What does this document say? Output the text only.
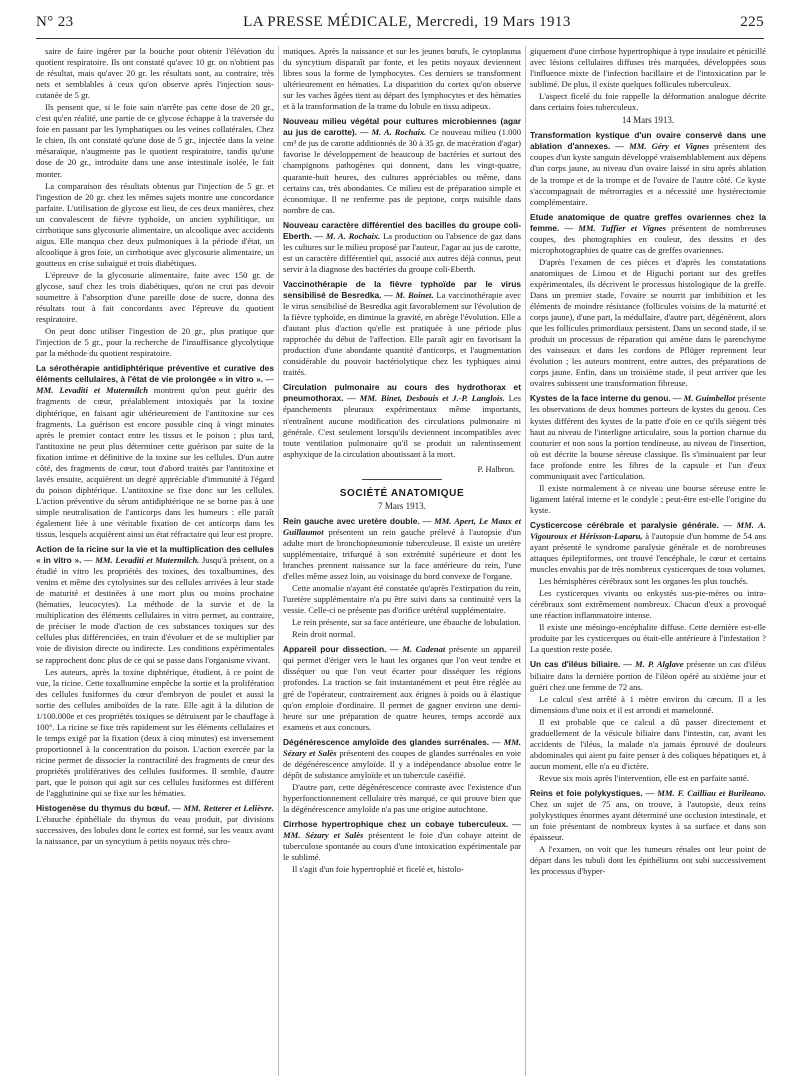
N° 23	LA PRESSE MÉDICALE, Mercredi, 19 Mars 1913	225

saire de faire ingérer par la bouche pour obtenir l'élévation du quotient respiratoire. Ils ont constaté qu'avec 10 gr. on n'obtient pas de résultat, mais qu'avec 20 gr. les résultats sont, au contraire, très nets et semblables à ceux qu'on observe après l'injection sous-cutanée de 5 gr.

Ils pensent que, si le foie sain n'arrête pas cette dose de 20 gr., c'est qu'en réalité, une partie de ce glycose échappe à la traversée du foie en passant par les lymphatiques ou les veines collatérales. Chez le chien, ils ont constaté qu'une dose de 5 gr., injectée dans la veine mésaraïque, n'augmente pas le quotient respiratoire, tandis qu'une dose de 20 gr., introduite dans une anse intestinale isolée, le fait monter.

La comparaison des résultats obtenus par l'injection de 5 gr. et l'ingestion de 20 gr. chez les mêmes sujets montre une concordance parfaite. L'utilisation de glycose est lieu, de ces deux manières, chez un convalescent de fièvre typhoïde, un ancien syphilitique, un cirrhotique sans glycosurie alimentaire, un alcoolique avec accidents aigus. Elle manqua chez deux pulmoniques à la période d'état, un alcoolique à gros foie, un cirrhotique avec glycosurie alimentaire, un goutteux en crise subaiguë et trois diabétiques.

L'épreuve de la glycosurie alimentaire, faite avec 150 gr. de glycose, sauf chez les trois diabétiques, qu'on ne crut pas devoir soumettre à l'absorption d'une pareille dose de sucre, donna des résultats tout à fait concordants avec l'épreuve du quotient respiratoire.

On peut donc utiliser l'ingestion de 20 gr., plus pratique que l'injection de 5 gr., pour la recherche de l'insuffisance glycolytique par la méthode du quotient respiratoire.

La sérothérapie antidiphtérique préventive et curative des éléments cellulaires, à l'état de vie prolongée « in vitro ». — MM. Levaditi et Mutermilch montrent qu'on peut guérir des fragments de cœur, préalablement intoxiqués par la toxine diphtérique, en faisant agir ultérieurement de l'antitoxine sur ces fragments. La guérison est encore possible cinq à vingt minutes après le premier contact entre les tissus et le poison ; plus tard, l'antitoxine ne peut plus déterminer cette guérison par suite de la fixation intime et définitive de la toxine sur les cellules. D'un autre côté, des fragments de cœur, tout d'abord traités par l'antitoxine et lavés ensuite, acquièrent un degré appréciable d'immunité à l'égard du poison diphtérique. L'antitoxine se fixe donc sur les cellules. L'action préventive du sérum antidiphtérique ne se borne pas à une simple neutralisation de l'anticorps dans les humeurs : elle paraît également liée à une véritable fixation de cet anticorps dans les tissus, lesquels acquièrent ainsi un état réfractaire qui leur est propre.

Action de la ricine sur la vie et la multiplication des cellules « in vitro ». — MM. Levaditi et Mutermilch. Jusqu'à présent, on a étudié in vitro les propriétés des toxines, des toxalbumines, des venins et même des cytolysines sur des cellules arrivées à leur stade de maturité et destinées à une mort plus ou moins prochaine (hématies, leucocytes). La méthode de la survie et de la multiplication des éléments cellulaires in vitro permet, au contraire, de préciser le mode d'action de ces substances toxiques sur des cellules plus différenciées, en train d'évoluer et de se multiplier par voie de division directe ou indirecte. Les conditions expérimentales se rapprochent donc plus de ce qui se passe dans l'organisme vivant.

Les auteurs, après la toxine diphtérique, étudient, à ce point de vue, la ricine. Cette toxalbumine empêche la sortie et la prolifération des cellules fusiformes du cœur d'embryon de poulet et aussi la sortie des cellules amiboïdes de la rate. Elle agit à la dilution de 1/100.000e et ces propriétés toxiques se détruisent par le chauffage à 100°. La ricine se fixe très rapidement sur les éléments cellulaires et le temps exigé par la fixation (deux à cinq minutes) est inversement proportionnel à la concentration du poison. L'action exercée par la ricine permet de dissocier la contractilité des fragments de cœur des propriétés prolifératives des cellules fusiformes. Il semble, d'autre part, que le poison qui agit sur ces cellules fusiformes est différent de l'agglutinine qui se fixe sur les hématies.

Histogenèse du thymus du bœuf. — MM. Retterer et Lelièvre. L'ébauche épithéliale du thymus du veau produit, par divisions successives, des lobules dont le cortex est formé, sur les veaux avant la naissance, par un syncytium à petits noyaux très chro-

matiques. Après la naissance et sur les jeunes bœufs, le cytoplasma du syncytium disparaît par fonte, et les petits noyaux deviennent libres sous la forme de lymphocytes. Ces derniers se transforment ultérieurement en hématies. La disparition du cortex qu'on observe sur les vaches âgées tient au départ des lymphocytes et des hématies et à la transformation de la trame du lobule en tissu adipeux.

Nouveau milieu végétal pour cultures microbiennes (agar au jus de carotte). — M. A. Rochaix. Ce nouveau milieu (1.000 cm³ de jus de carotte additionnés de 30 à 35 gr. de macération d'agar) favorise le développement de beaucoup de bactéries et surtout des champignons pathogènes qui donnent, dans les vingt-quatre, quarante-huit heures, des cultures appréciables ou même, dans certains cas, très abondantes. Ce milieu est de préparation simple et économique. Il ne renferme pas de peptone, corps nuisible dans nombre de cas.

Nouveau caractère différentiel des bacilles du groupe coli-Eberth. — M. A. Rochaix. La production ou l'absence de gaz dans les cultures sur le milieu proposé par l'auteur, l'agar au jus de carotte, est un caractère différentiel qui, associé aux autres déjà connus, peut servir à la diagnose des bactéries du groupe coli-Eberth.

Vaccinothérapie de la fièvre typhoïde par le virus sensibilisé de Besredka. — M. Boinet. La vaccinothérapie avec le virus sensibilisé de Besredka agit favorablement sur l'évolution de la fièvre typhoïde, en diminue la gravité, en abrège l'évolution. Elle a d'autant plus d'action qu'elle est pratiquée à une période plus rapprochée du début de l'affection. Elle paraît agir en favorisant la production d'une abondante quantité d'anticorps, et l'augmentation considérable du pouvoir bactériolytique chez les typhiques ainsi traités.

Circulation pulmonaire au cours des hydrothorax et pneumothorax. — MM. Binet, Desbouis et J.-P. Langlois. Les épanchements pleuraux expérimentaux même importants, n'entraînent aucune modification des circulations pulmonaire ni générale. C'est seulement lorsqu'ils deviennent incompatibles avec toute ventilation pulmonaire qu'il se produit un ralentissement asphyxique de la circulation aboutissant à la mort.

P. Halbron.
SOCIÉTÉ ANATOMIQUE
7 Mars 1913.

Rein gauche avec uretère double. — MM. Apert, Le Maux et Guillaumot présentent un rein gauche prélevé à l'autopsie d'un adulte mort de bronchopneumonie tuberculeuse. Il existe un uretère supplémentaire, trifurqué à son extrémité supérieure et dont les branches prennent naissance sur la face antérieure du rein, l'une d'elles même assez loin, au voisinage du bord convexe de l'organe.

Cette anomalie n'ayant été constatée qu'après l'extirpation du rein, l'uretère supplémentaire n'a pu être suivi dans sa continuité vers la vessie. Celle-ci ne présente pas d'orifice urétéral supplémentaire.

Le rein présente, sur sa face antérieure, une ébauche de lobulation.

Rein droit normal.

Appareil pour dissection. — M. Cadenat présente un appareil qui permet d'ériger vers le haut les organes que l'on veut tendre et disséquer ou que l'on veut écarter pour disséquer les régions profondes. La traction se fait instantanément et peut être réglée au gré de l'opérateur, contrairement aux érignes à poids ou à élastique qu'on emploie d'ordinaire. Il permet de gagner environ une demi-heure sur une préparation de quatre heures, temps accordé aux examens et aux concours.

Dégénérescence amyloïde des glandes surrénales. — MM. Sézary et Salès présentent des coupes de glandes surrénales en voie de dégénérescence amyloïde. Il y a indépendance absolue entre le dépôt de substance amyloïde et un tubercule caséifié.

D'autre part, cette dégénérescence contraste avec l'existence d'un hyperfonctionnement cellulaire très marqué, ce qui prouve bien que la dégénérescence amyloïde n'a pas une origine autochtone.

Cirrhose hypertrophique chez un cobaye tuberculeux. — MM. Sézary et Salès présentent le foie d'un cobaye atteint de tuberculose spontanée au cours d'une intoxication expérimentale par le sublimé.

Il s'agit d'un foie hypertrophié et ficelé et, histolo-

giquement d'une cirrhose hypertrophique à type insulaire et pénicillé avec lésions cellulaires diffuses très marquées, développées sous l'influence mixte de l'infection bacillaire et de l'intoxication par le sublimé. De plus, il existe quelques follicules tuberculeux.

L'aspect ficelé du foie rappelle la déformation analogue décrite dans certains foies tuberculeux.

14 Mars 1913.

Transformation kystique d'un ovaire conservé dans une ablation d'annexes. — MM. Géry et Vignes présentent des coupes d'un kyste sanguin développé vraisemblablement aux dépens d'un corps jaune, au niveau d'un ovaire laissé in situ après ablation de la trompe et de la trompe et de l'ovaire de l'autre côté. Ce kyste s'accompagnait de métrorragies et a nécessité une hystérectomie complémentaire.

Etude anatomique de quatre greffes ovariennes chez la femme. — MM. Tuffier et Vignes présentent de nombreuses coupes, des photographies en couleur, des dessins et des microphotographies de quatre cas de greffes ovariennes.

D'après l'examen de ces pièces et d'après les constatations anatomiques de Limou et de Higuchi portant sur des greffes expérimentales, ils décrivent le processus histologique de la greffe. Dans un premier stade, l'ovaire se nourrit par imbibition et les éléments de moindre résistance (follicules voisins de la maturité et corps jaune), d'une part, la médullaire, d'autre part, dégénèrent, alors que les follicules primordiaux persistent. Dans un second stade, il se produit un processus de réparation qui amène dans le parenchyme des vaisseaux et dans les cordons de Pflüger reprennent leur évolution ; les auteurs montrent, entre autres, des préparations de corps jaune. Enfin, dans un troisième stade, il peut arriver que les ovaires subissent une transformation fibreuse.

Kystes de la face interne du genou. — M. Guimbellot présente les observations de deux hommes porteurs de kystes du genou. Ces kystes différent des kystes de la patte d'oie en ce qu'ils siègent très haut au niveau de l'interligne articulaire, sous la portion charnue du couturier et non sous la portion tendineuse, au niveau de l'insertion, où est décrite la bourse séreuse classique. Ils s'insinuaient par leur face profonde entre les fibres de la capsule et l'un d'eux communiquait avec l'articulation.

Il existe normalement à ce niveau une bourse séreuse entre le ligament latéral interne et le condyle ; peut-être est-elle l'origine du kyste.

Cysticercose cérébrale et paralysie générale. — MM. A. Vigouroux et Hérisson-Laparu, à l'autopsie d'un homme de 54 ans ayant présenté le syndrome paralysie générale et de nombreuses attaques épileptiformes, ont trouvé l'encéphale, le cœur et certains muscles envahis par de très nombreux cysticerques de tous volumes.

Les hémisphères cérébraux sont les organes les plus touchés.

Les cysticerques vivants ou enkystés sus-pie-mères ou intra-cérébraux sont extrêmement nombreux. Chacun d'eux a provoqué une réaction inflammatoire intense.

Il existe une méningo-encéphalite diffuse. Cette dernière est-elle produite par les cysticerques ou était-elle antérieure à l'infestation ? La question reste posée.

Un cas d'iléus biliaire. — M. P. Alglave présente un cas d'iléus biliaire dans la dernière portion de l'iléon opéré au sixième jour et guéri chez une femme de 72 ans.

Le calcul s'est arrêté à 1 mètre environ du cæcum. Il a les dimensions d'une noix et il est arrondi et mamelonné.

Il est probable que ce calcul a dû passer directement et graduellement de la vésicule biliaire dans l'intestin, car, avant les accidents de l'iléus, la malade n'a jamais éprouvé de douleurs abdominales qui aient pu faire penser à des coliques hépatiques et, à aucun moment, elle n'a eu d'ictère.

Revue six mois après l'intervention, elle est en parfaite santé.

Reins et foie polykystiques. — MM. F. Cailliau et Burileano. Chez un sujet de 75 ans, on trouve, à l'autopsie, deux reins polykystiques énormes ayant déterminé une occlusion intestinale, et un foie présentant de nombreux kystes à sa surface et dans son épaisseur.

A l'examen, on voit que les tumeurs rénales ont leur point de départ dans les tubuli dont les épithéliums ont subi successivement les processus d'hyper-
